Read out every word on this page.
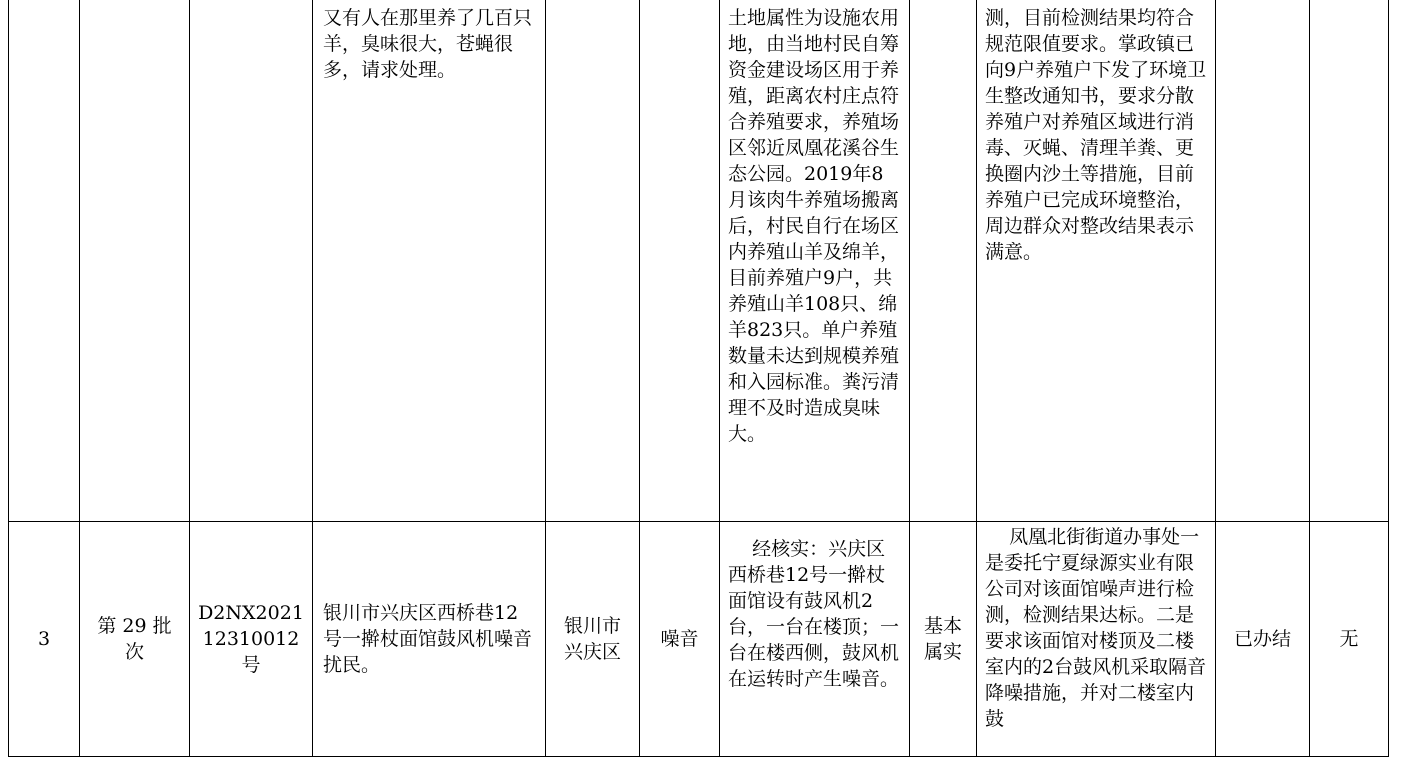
			又有人在那里养了几百只羊，臭味很大，苍蝇很多，请求处理。			土地属性为设施农用地，由当地村民自筹资金建设场区用于养殖，距离农村庄点符合养殖要求，养殖场区邻近凤凰花溪谷生态公园。2019年8月该肉牛养殖场搬离后，村民自行在场区内养殖山羊及绵羊，目前养殖户9户，共养殖山羊108只、绵羊823只。单户养殖数量未达到规模养殖和入园标准。粪污清理不及时造成臭味大。		测，目前检测结果均符合规范限值要求。掌政镇已向9户养殖户下发了环境卫生整改通知书，要求分散养殖户对养殖区域进行消毒、灭蝇、清理羊粪、更换圈内沙土等措施，目前养殖户已完成环境整治，周边群众对整改结果表示满意。		

3	第 29 批次	D2NX202112310012号	银川市兴庆区西桥巷12号一擀杖面馆鼓风机噪音扰民。	银川市兴庆区	噪音	经核实：兴庆区西桥巷12号一擀杖面馆设有鼓风机2台，一台在楼顶；一台在楼西侧，鼓风机在运转时产生噪音。	基本属实	凤凰北街街道办事处一是委托宁夏绿源实业有限公司对该面馆噪声进行检测，检测结果达标。二是要求该面馆对楼顶及二楼室内的2台鼓风机采取隔音降噪措施，并对二楼室内鼓	已办结	无
